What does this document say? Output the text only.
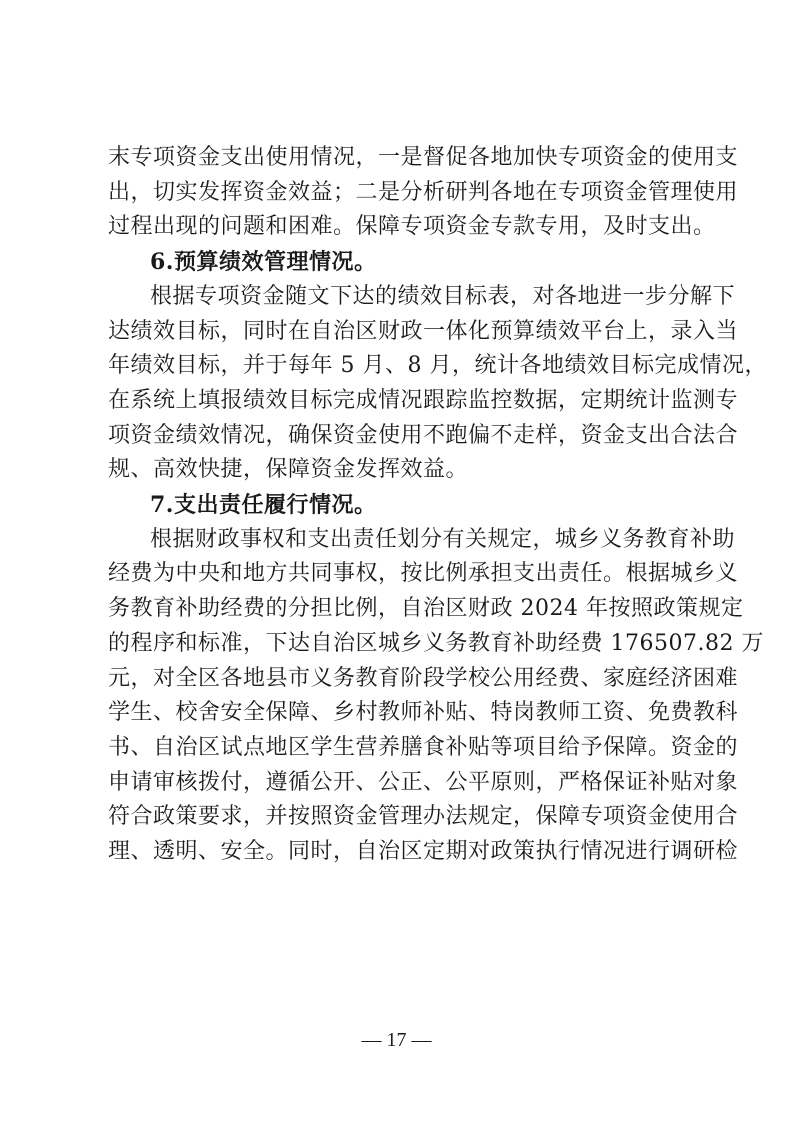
末专项资金支出使用情况，一是督促各地加快专项资金的使用支
出，切实发挥资金效益；二是分析研判各地在专项资金管理使用
过程出现的问题和困难。保障专项资金专款专用，及时支出。
6.预算绩效管理情况。
根据专项资金随文下达的绩效目标表，对各地进一步分解下
达绩效目标，同时在自治区财政一体化预算绩效平台上，录入当
年绩效目标，并于每年 5 月、8 月，统计各地绩效目标完成情况，
在系统上填报绩效目标完成情况跟踪监控数据，定期统计监测专
项资金绩效情况，确保资金使用不跑偏不走样，资金支出合法合
规、高效快捷，保障资金发挥效益。
7.支出责任履行情况。
根据财政事权和支出责任划分有关规定，城乡义务教育补助
经费为中央和地方共同事权，按比例承担支出责任。根据城乡义
务教育补助经费的分担比例，自治区财政 2024 年按照政策规定
的程序和标准，下达自治区城乡义务教育补助经费 176507.82 万
元，对全区各地县市义务教育阶段学校公用经费、家庭经济困难
学生、校舍安全保障、乡村教师补贴、特岗教师工资、免费教科
书、自治区试点地区学生营养膳食补贴等项目给予保障。资金的
申请审核拨付，遵循公开、公正、公平原则，严格保证补贴对象
符合政策要求，并按照资金管理办法规定，保障专项资金使用合
理、透明、安全。同时，自治区定期对政策执行情况进行调研检
— 17 —
